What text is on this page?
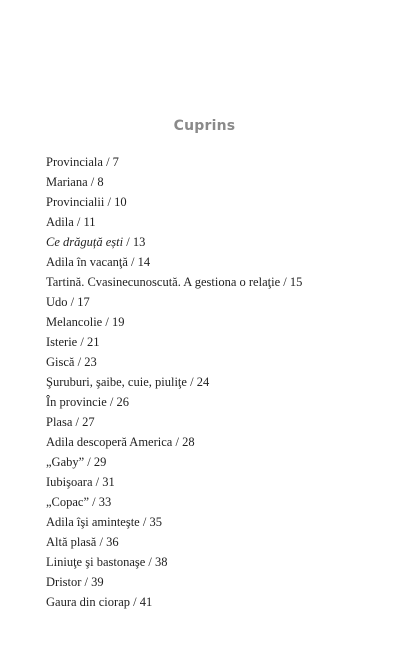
Cuprins
Provinciala / 7
Mariana / 8
Provincialii / 10
Adila / 11
Ce drăguță ești / 13
Adila în vacanţă / 14
Tartină. Cvasinecunoscută. A gestiona o relaţie / 15
Udo / 17
Melancolie / 19
Isterie / 21
Giscă / 23
Şuruburi, şaibe, cuie, piuliţe / 24
În provincie / 26
Plasa / 27
Adila descoperă America / 28
„Gaby” / 29
Iubişoara / 31
„Copac” / 33
Adila îşi aminteşte / 35
Altă plasă / 36
Liniuţe şi bastonaşe / 38
Dristor / 39
Gaura din ciorap / 41
